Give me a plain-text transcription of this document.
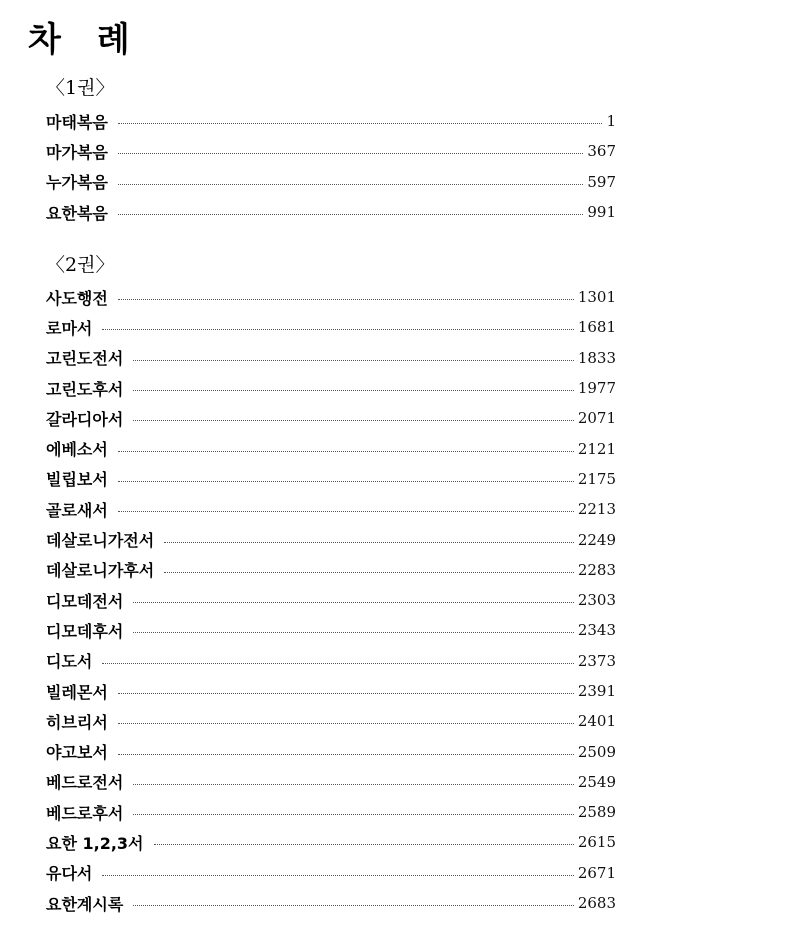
차 례
〈1권〉
마태복음	1
마가복음	367
누가복음	597
요한복음	991
〈2권〉
사도행전	1301
로마서	1681
고린도전서	1833
고린도후서	1977
갈라디아서	2071
에베소서	2121
빌립보서	2175
골로새서	2213
데살로니가전서	2249
데살로니가후서	2283
디모데전서	2303
디모데후서	2343
디도서	2373
빌레몬서	2391
히브리서	2401
야고보서	2509
베드로전서	2549
베드로후서	2589
요한 1,2,3서	2615
유다서	2671
요한계시록	2683
